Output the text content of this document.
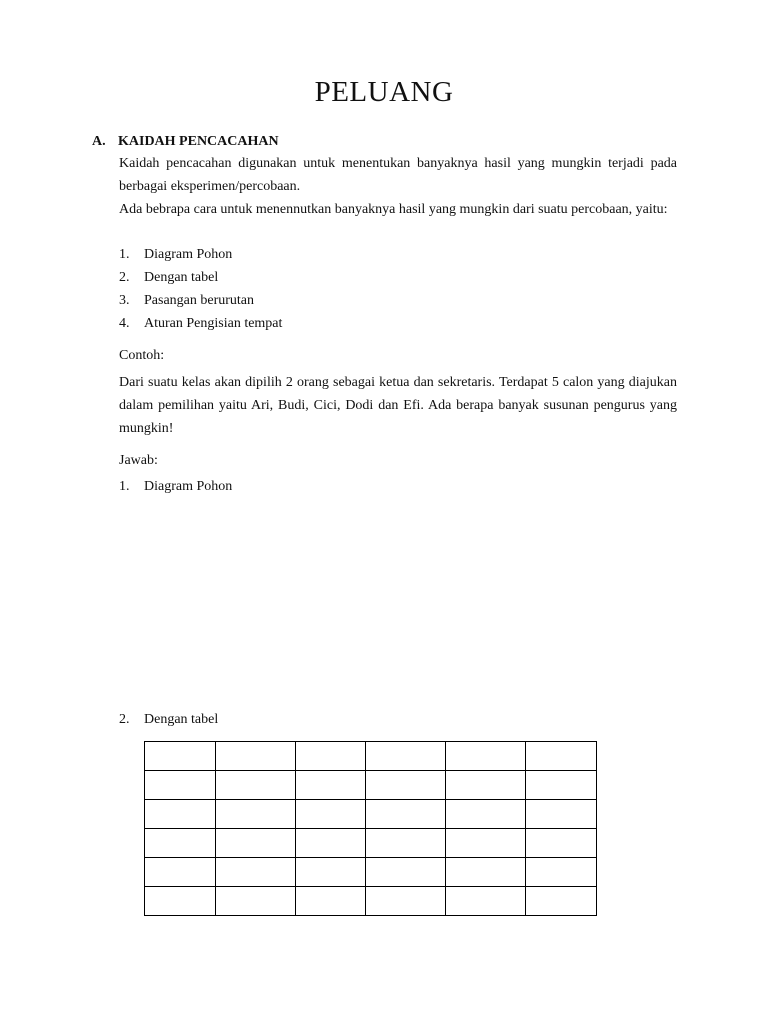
PELUANG
A. KAIDAH PENCACAHAN
Kaidah pencacahan digunakan untuk menentukan banyaknya hasil yang mungkin terjadi pada berbagai eksperimen/percobaan.
Ada bebrapa cara untuk menennutkan banyaknya hasil yang mungkin dari suatu percobaan, yaitu:
1. Diagram Pohon
2. Dengan tabel
3. Pasangan berurutan
4. Aturan Pengisian tempat
Contoh:
Dari suatu kelas akan dipilih 2 orang sebagai ketua dan sekretaris. Terdapat 5 calon yang diajukan dalam pemilihan yaitu Ari, Budi, Cici, Dodi dan Efi. Ada berapa banyak susunan pengurus yang mungkin!
Jawab:
1. Diagram Pohon
2. Dengan tabel
